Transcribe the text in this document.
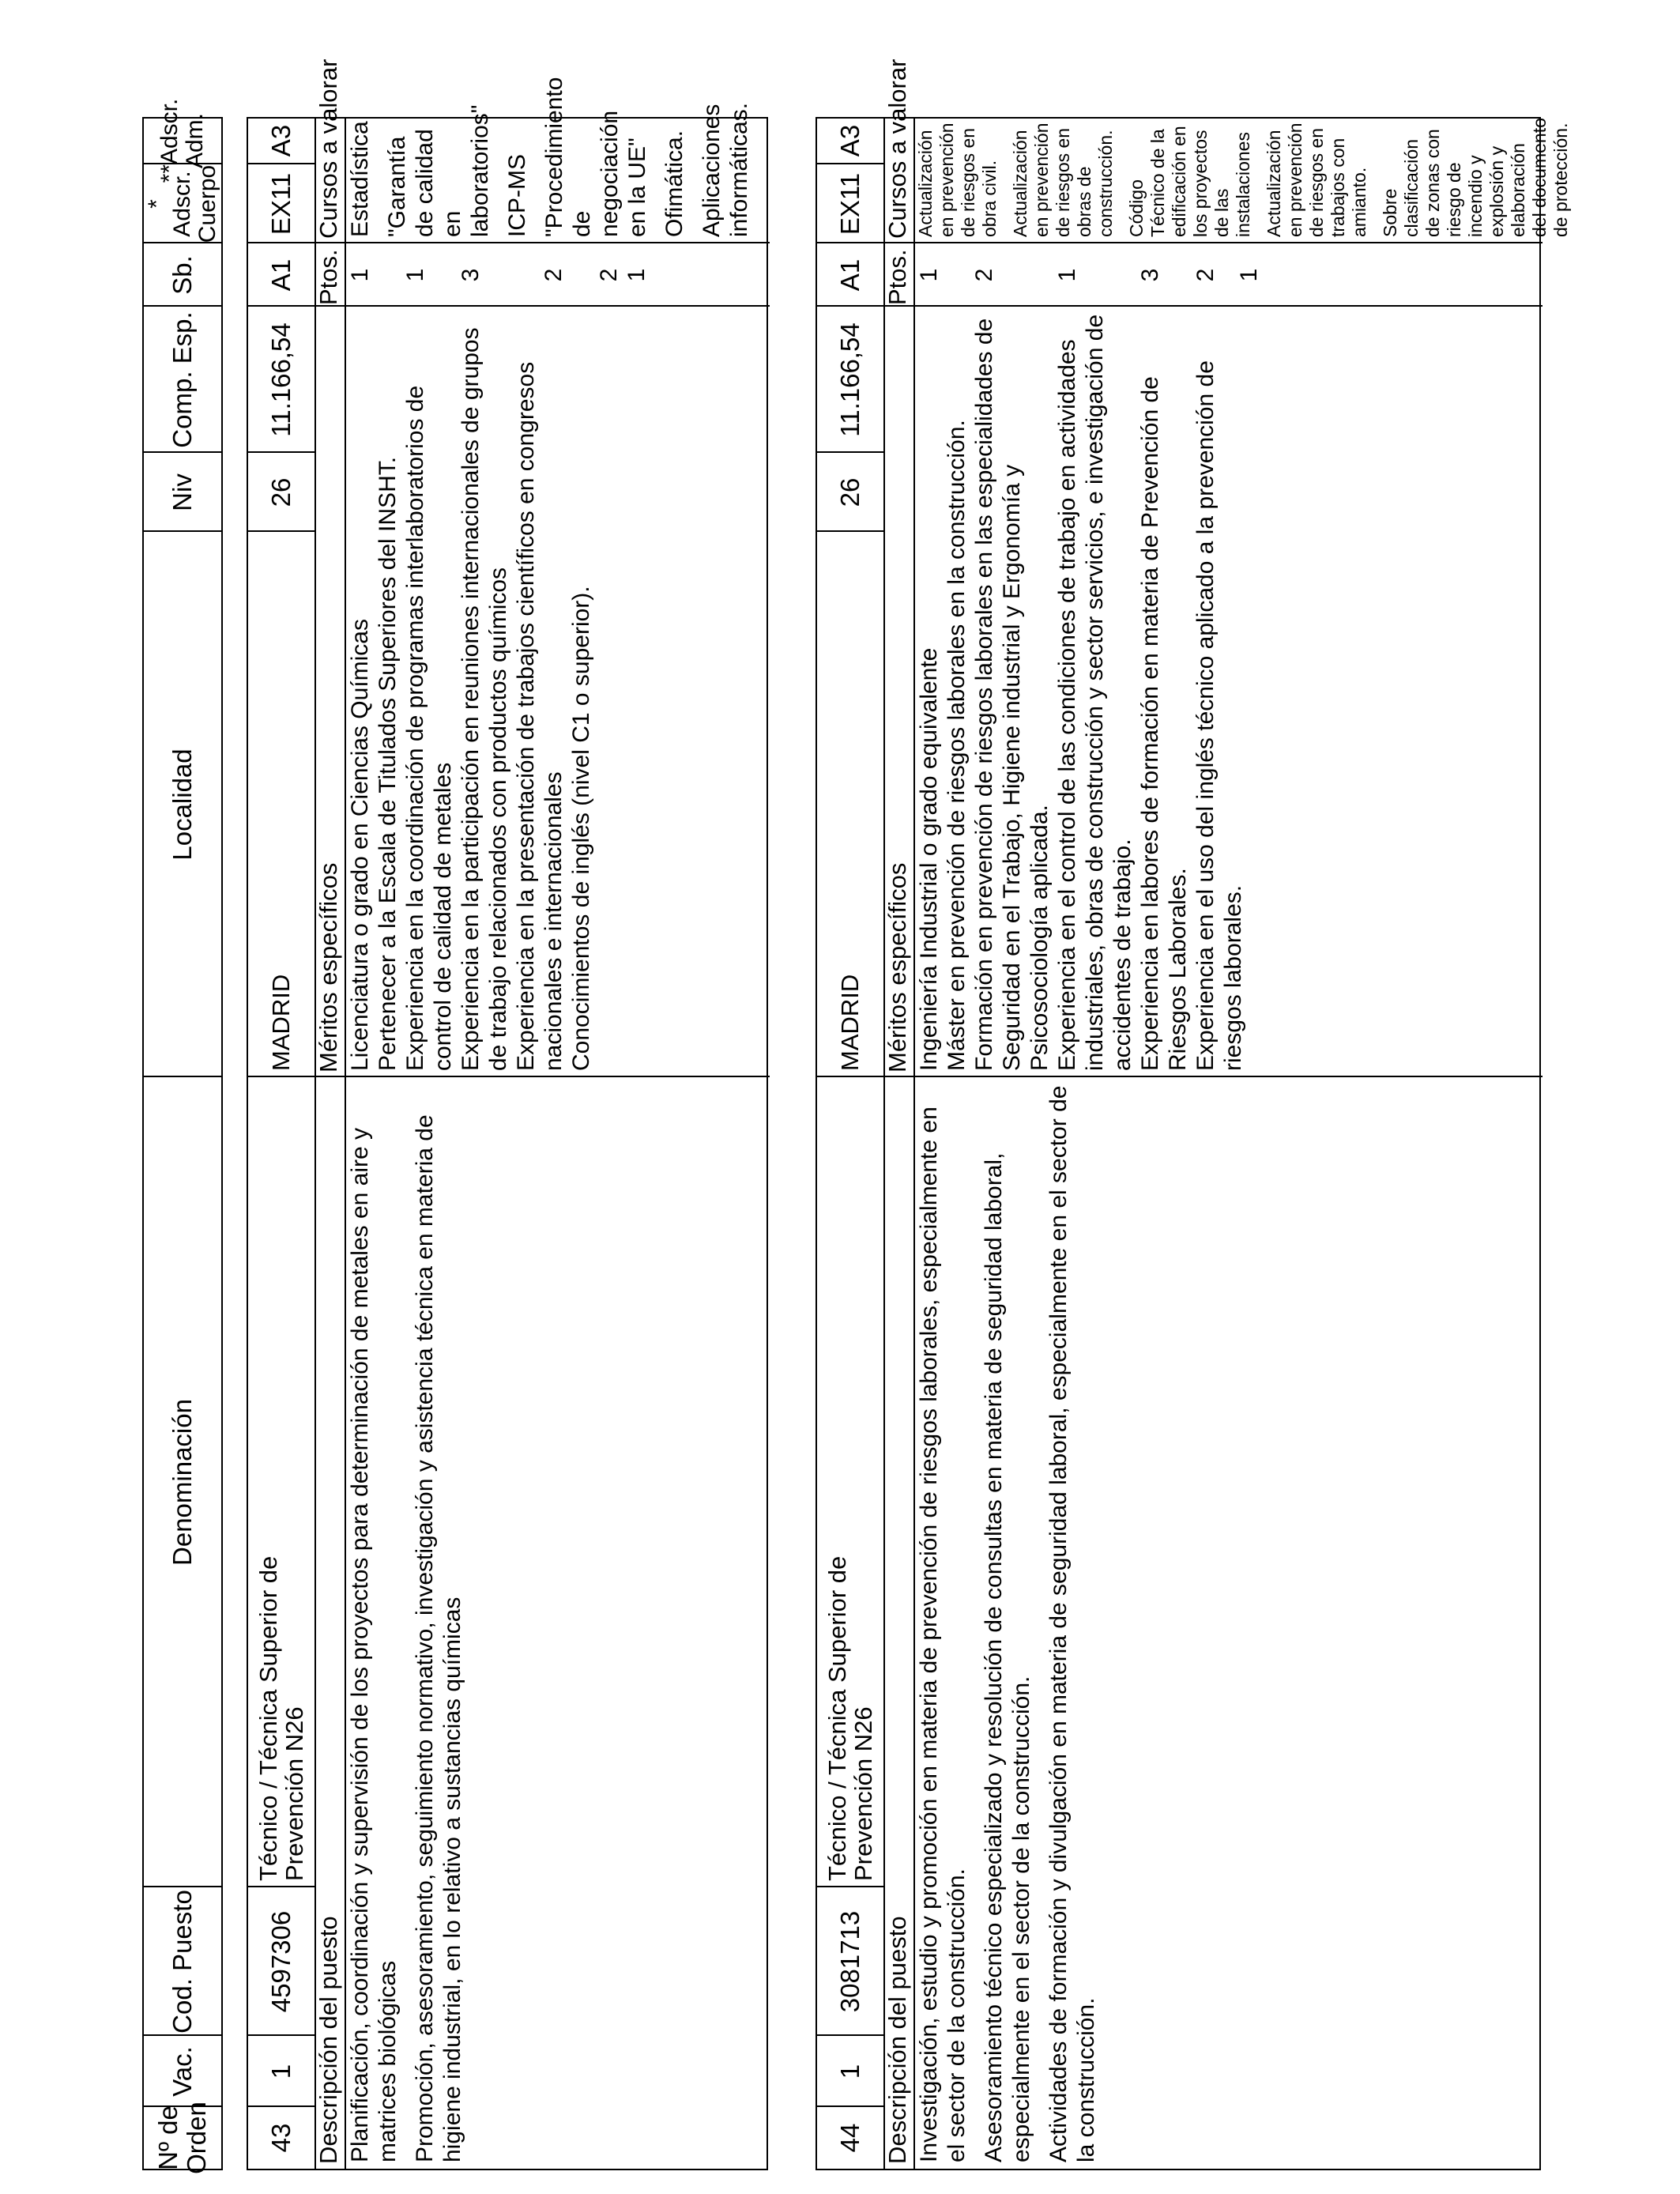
Nº de
Orden
Vac.
Cod. Puesto
Denominación
Localidad
Niv
Comp. Esp.
Sb.
* Adscr.
Cuerpo
**Adscr.
Adm.
43
1
4597306
Técnico / Técnica Superior de
Prevención N26
MADRID
26
11.166,54
A1
EX11
A3
Descripción del puesto
Méritos específicos
Ptos.
Cursos a valorar

Planificación, coordinación y supervisión de los proyectos para determinación de metales en aire y matrices biológicas Promoción, asesoramiento, seguimiento normativo, investigación y asistencia técnica en materia de higiene industrial, en lo relativo a sustancias químicas

Licenciatura o grado en Ciencias Químicas Pertenecer a la Escala de Titulados Superiores del INSHT. Experiencia en la coordinación de programas interlaboratorios de control de calidad de metales Experiencia en la participación en reuniones internacionales de grupos de trabajo relacionados con productos químicos Experiencia en la presentación de trabajos científicos en congresos nacionales e internacionales Conocimientos de inglés (nivel C1 o superior).

1 1 3 2 2 1

Estadística "Garantía de calidad en laboratorios" ICP-MS "Procedimiento de negociación en la UE" Ofimática. Aplicaciones informáticas.

44
1
3081713
Técnico / Técnica Superior de
Prevención N26
MADRID
26
11.166,54
A1
EX11
A3
Descripción del puesto
Méritos específicos
Ptos.
Cursos a valorar

Investigación, estudio y promoción en materia de prevención de riesgos laborales, especialmente en el sector de la construcción. Asesoramiento técnico especializado y resolución de consultas en materia de seguridad laboral, especialmente en el sector de la construcción. Actividades de formación y divulgación en materia de seguridad laboral, especialmente en el sector de la construcción.

Ingeniería Industrial o grado equivalente Máster en prevención de riesgos laborales en la construcción. Formación en prevención de riesgos laborales en las especialidades de Seguridad en el Trabajo, Higiene industrial y Ergonomía y Psicosociología aplicada. Experiencia en el control de las condiciones de trabajo en actividades industriales, obras de construcción y sector servicios, e investigación de accidentes de trabajo. Experiencia en labores de formación en materia de Prevención de Riesgos Laborales. Experiencia en el uso del inglés técnico aplicado a la prevención de riesgos laborales.

1 2 1 3 2 1

Actualización en prevención de riesgos en obra civil. Actualización en prevención de riesgos en obras de construcción. Código Técnico de la edificación en los proyectos de las instalaciones Actualización en prevención de riesgos en trabajos con amianto. Sobre clasificación de zonas con riesgo de incendio y explosión y elaboración del documento de protección.
